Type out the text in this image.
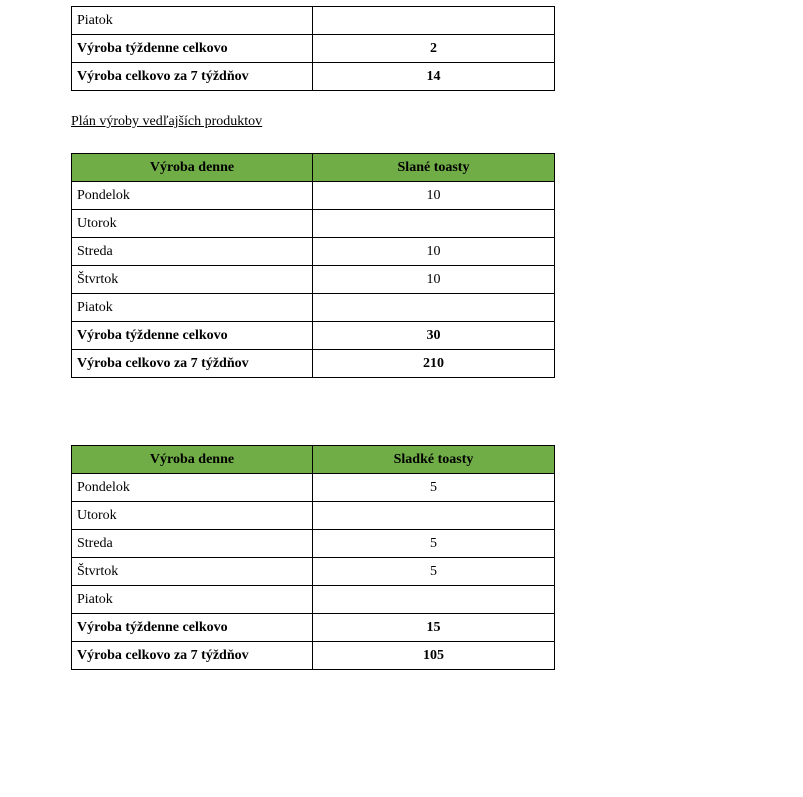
Piatok	
Výroba týždenne celkovo	2
Výroba celkovo za 7 týždňov	14
Plán výroby vedľajších produktov
Výroba denne	Slané toasty
Pondelok	10
Utorok	
Streda	10
Štvrtok	10
Piatok	
Výroba týždenne celkovo	30
Výroba celkovo za 7 týždňov	210
Výroba denne	Sladké toasty
Pondelok	5
Utorok	
Streda	5
Štvrtok	5
Piatok	
Výroba týždenne celkovo	15
Výroba celkovo za 7 týždňov	105
